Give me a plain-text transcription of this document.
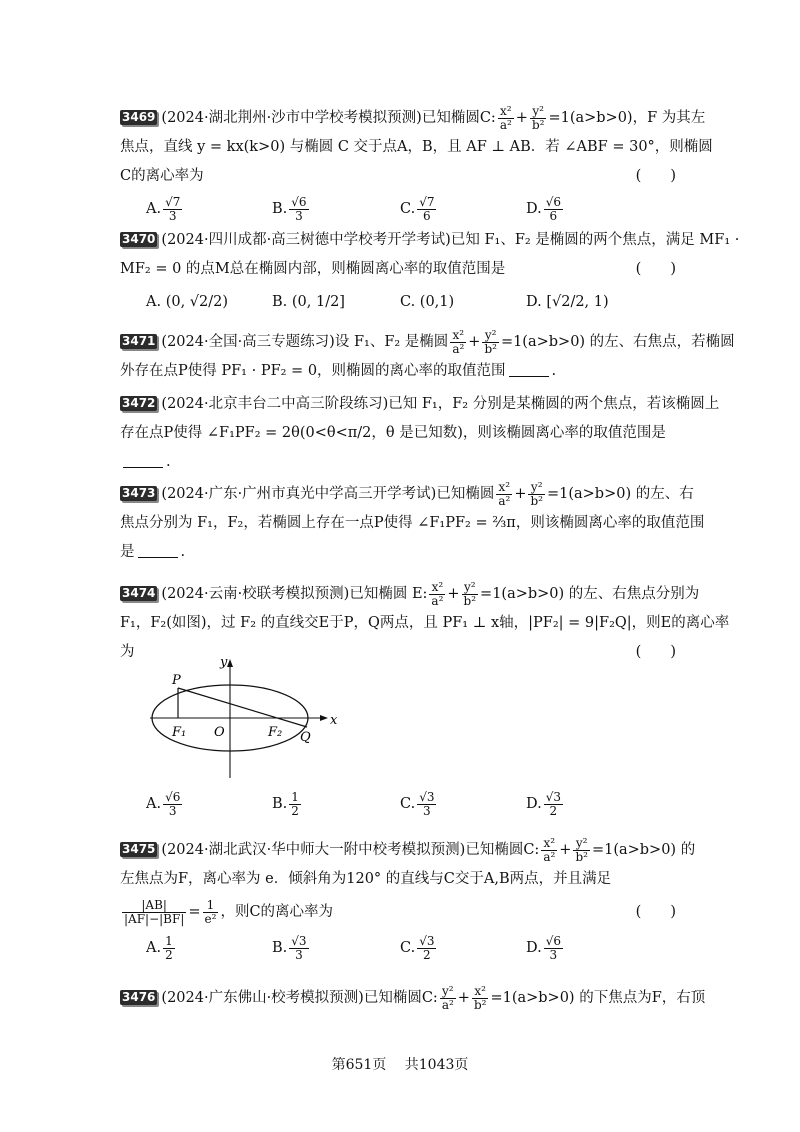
3469 (2024·湖北荆州·沙市中学校考模拟预测)已知椭圆C: $\frac{\text{x²}}{\text{a²}} + \frac{\text{y²}}{\text{b²}} =1(a>b>0)$，F 为其左
焦点，直线 y = kx(k>0) 与椭圆 C 交于点A，B，且 AF ⊥ AB．若 ∠ABF = 30°，则椭圆
C的离心率为	(　　)
A. $\frac{√7}{3}$	B. $\frac{√6}{3}$	C. $\frac{√7}{6}$	D. $\frac{√6}{6}$
3470 (2024·四川成都·高三树德中学校考开学考试)已知 F₁、F₂ 是椭圆的两个焦点，满足 MF₁ ·
MF₂ = 0 的点M总在椭圆内部，则椭圆离心率的取值范围是	(　　)
A.
(0, √2/2)	B.
(0, 1/2]	C.
(0,1)	D.
[√2/2, 1)
3471 (2024·全国·高三专题练习)设 F₁、F₂ 是椭圆 $\frac{\text{x²}}{\text{a²}} + \frac{\text{y²}}{\text{b²}} =1(a>b>0)$ 的左、右焦点，若椭圆
外存在点P使得 PF₁ · PF₂ = 0，则椭圆的离心率的取值范围	.
3472 (2024·北京丰台二中高三阶段练习)已知 F₁，F₂ 分别是某椭圆的两个焦点，若该椭圆上
存在点P使得 ∠F₁PF₂ = 2θ(0<θ<π/2，θ 是已知数)，则该椭圆离心率的取值范围是
.
3473 (2024·广东·广州市真光中学高三开学考试)已知椭圆 $\frac{\text{x²}}{\text{a²}} + \frac{\text{y²}}{\text{b²}} =1(a>b>0)$ 的左、右
焦点分别为 F₁，F₂，若椭圆上存在一点P使得 ∠F₁PF₂ = ⅔π，则该椭圆离心率的取值范围
是	.
3474 (2024·云南·校联考模拟预测)已知椭圆 E: $\frac{\text{x²}}{\text{a²}} + \frac{\text{y²}}{\text{b²}} =1(a>b>0)$ 的左、右焦点分别为
F₁，F₂(如图)，过 F₂ 的直线交E于P，Q两点，且 PF₁ ⊥ x轴，|PF₂| = 9|F₂Q|，则E的离心率
为	(　　)
x
y
P
F₁ O	F₂ Q
A. $\frac{√6}{3}$	B. $\frac{1}{2}$	C. $\frac{√3}{3}$	D. $\frac{√3}{2}$
3475 (2024·湖北武汉·华中师大一附中校考模拟预测)已知椭圆C: $\frac{\text{x²}}{\text{a²}} + \frac{\text{y²}}{\text{b²}} =1(a>b>0)$ 的
左焦点为F，离心率为 e．倾斜角为120° 的直线与C交于A,B两点，并且满足
$\frac{|AB|}{|AF|-|BF|} = \frac{1}{\text{e²}}$ ，则C的离心率为	(　　)
A. $\frac{1}{2}$	B. $\frac{√3}{3}$	C. $\frac{√3}{2}$	D. $\frac{√6}{3}$
3476 (2024·广东佛山·校考模拟预测)已知椭圆C: $\frac{\text{y²}}{\text{a²}} + \frac{\text{x²}}{\text{b²}} =1(a>b>0)$ 的下焦点为F，右顶
第651页　 共1043页
